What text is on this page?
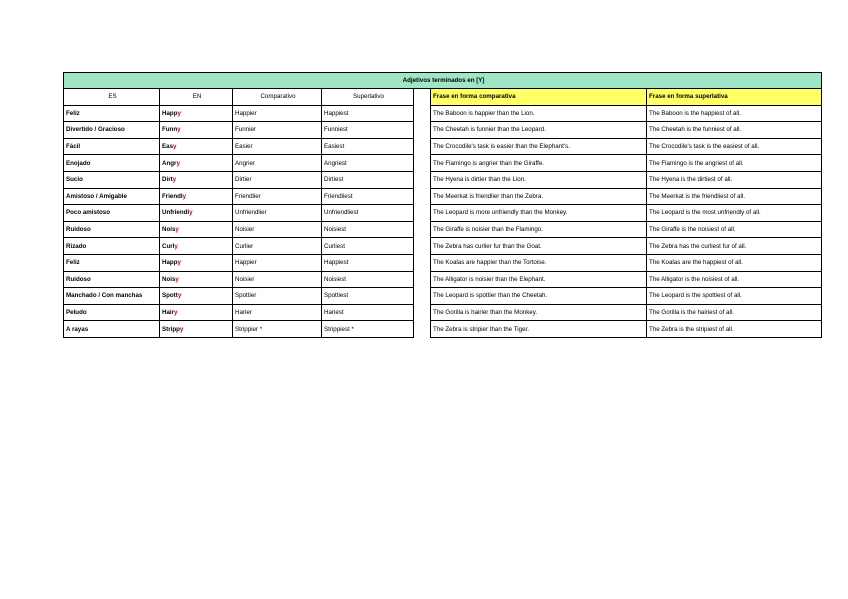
Adjetivos terminados en [Y]						
ES	EN	Comparativo	Superlativo		Frase en forma comparativa	Frase en forma superlativa
Feliz	Happy	Happier	Happiest		The Baboon is happier than the Lion.	The Baboon is the happiest of all.
Divertido / Gracioso	Funny	Funnier	Funniest		The Cheetah is funnier than the Leopard.	The Cheetah is the funniest of all.
Fácil	Easy	Easier	Easiest		The Crocodile's task is easier than the Elephant's.	The Crocodile's task is the easiest of all.
Enojado	Angry	Angrier	Angriest		The Flamingo is angrier than the Giraffe.	The Flamingo is the angriest of all.
Sucio	Dirty	Dirtier	Dirtiest		The Hyena is dirtier than the Lion.	The Hyena is the dirtiest of all.
Amistoso / Amigable	Friendly	Friendlier	Friendliest		The Meerkat is friendlier than the Zebra.	The Meerkat is the friendliest of all.
Poco amistoso	Unfriendly	Unfriendlier	Unfriendliest		The Leopard is more unfriendly than the Monkey.	The Leopard is the most unfriendly of all.
Ruidoso	Noisy	Noisier	Noisiest		The Giraffe is noisier than the Flamingo.	The Giraffe is the noisiest of all.
Rizado	Curly	Curlier	Curliest		The Zebra has curlier fur than the Goat.	The Zebra has the curliest fur of all.
Feliz	Happy	Happier	Happiest		The Koalas are happier than the Tortoise.	The Koalas are the happiest of all.
Ruidoso	Noisy	Noisier	Noisiest		The Alligator is noisier than the Elephant.	The Alligator is the noisiest of all.
Manchado / Con manchas	Spotty	Spottier	Spottiest		The Leopard is spottier than the Cheetah.	The Leopard is the spottiest of all.
Peludo	Hairy	Harier	Hariest		The Gorilla is hairier than the Monkey.	The Gorilla is the hairiest of all.
A rayas	Strippy	Strippier *	Strippiest *		The Zebra is stripier than the Tiger.	The Zebra is the stripiest of all.
